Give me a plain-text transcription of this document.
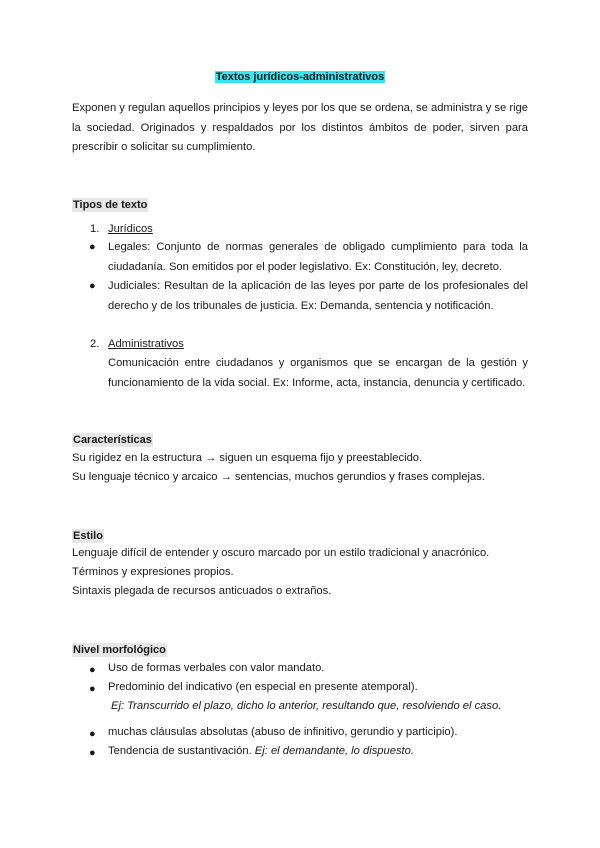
Textos jurídicos-administrativos

Exponen y regulan aquellos principios y leyes por los que se ordena, se administra y se rige la sociedad. Originados y respaldados por los distintos ámbitos de poder, sirven para prescribir o solicitar su cumplimiento.

Tipos de texto
1. Jurídicos
● Legales: Conjunto de normas generales de obligado cumplimiento para toda la ciudadanía. Son emitidos por el poder legislativo. Ex: Constitución, ley, decreto.

● Judiciales: Resultan de la aplicación de las leyes por parte de los profesionales del derecho y de los tribunales de justicia. Ex: Demanda, sentencia y notificación.

2. Administrativos

Comunicación entre ciudadanos y organismos que se encargan de la gestión y funcionamiento de la vida social. Ex: Informe, acta, instancia, denuncia y certificado.

Características
Su rigidez en la estructura → siguen un esquema fijo y preestablecido.
Su lenguaje técnico y arcaico → sentencias, muchos gerundios y frases complejas.
Estilo
Lenguaje difícil de entender y oscuro marcado por un estilo tradicional y anacrónico.
Términos y expresiones propios.
Sintaxis plegada de recursos anticuados o extraños.
Nivel morfológico
● Uso de formas verbales con valor mandato.
● Predominio del indicativo (en especial en presente atemporal).
Ej: Transcurrido el plazo, dicho lo anterior, resultando que, resolviendo el caso.
● muchas cláusulas absolutas (abuso de infinitivo, gerundio y participio).
● Tendencia de sustantivación. Ej: el demandante, lo dispuesto.
